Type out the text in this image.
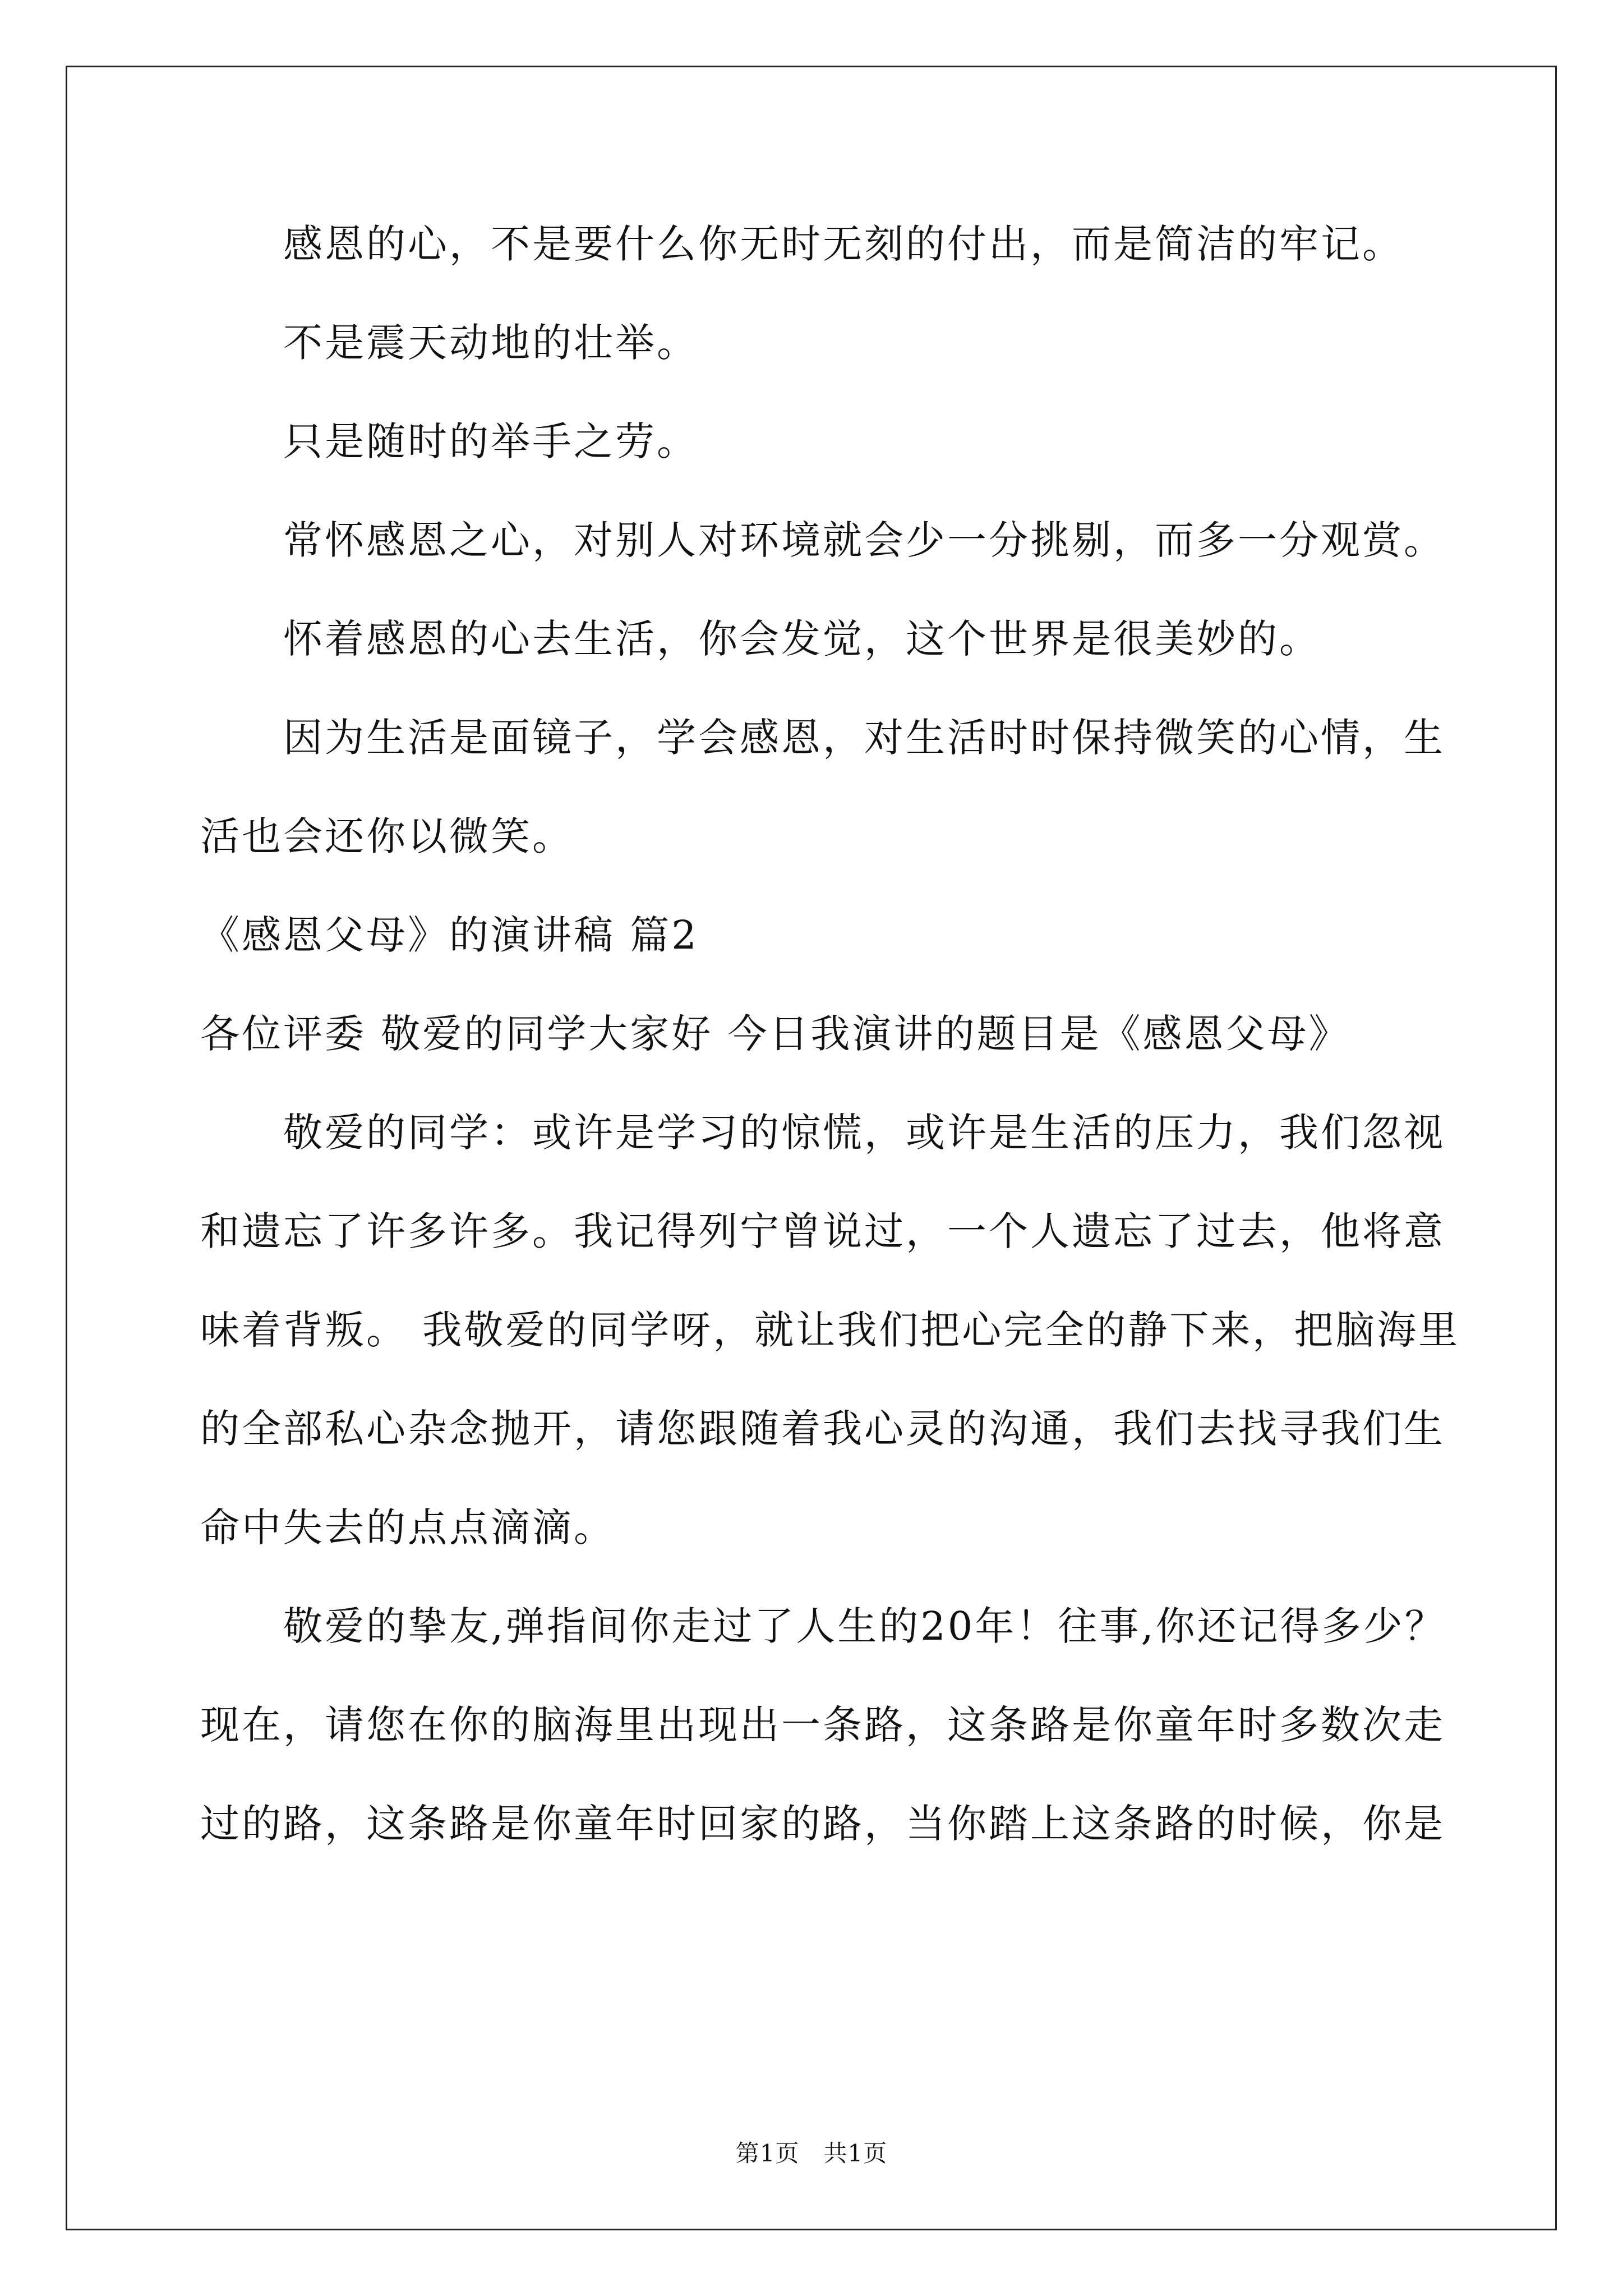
感恩的心，不是要什么你无时无刻的付出，而是简洁的牢记。
不是震天动地的壮举。
只是随时的举手之劳。
常怀感恩之心，对别人对环境就会少一分挑剔，而多一分观赏。
怀着感恩的心去生活，你会发觉，这个世界是很美妙的。
因为生活是面镜子，学会感恩，对生活时时保持微笑的心情，生
活也会还你以微笑。
《感恩父母》的演讲稿 篇2
各位评委 敬爱的同学大家好 今日我演讲的题目是《感恩父母》
敬爱的同学：或许是学习的惊慌，或许是生活的压力，我们忽视
和遗忘了许多许多。我记得列宁曾说过，一个人遗忘了过去，他将意
味着背叛。 我敬爱的同学呀，就让我们把心完全的静下来，把脑海里
的全部私心杂念抛开，请您跟随着我心灵的沟通，我们去找寻我们生
命中失去的点点滴滴。
敬爱的挚友,弹指间你走过了人生的20年！往事,你还记得多少？
现在，请您在你的脑海里出现出一条路，这条路是你童年时多数次走
过的路，这条路是你童年时回家的路，当你踏上这条路的时候，你是
第1页　共1页
